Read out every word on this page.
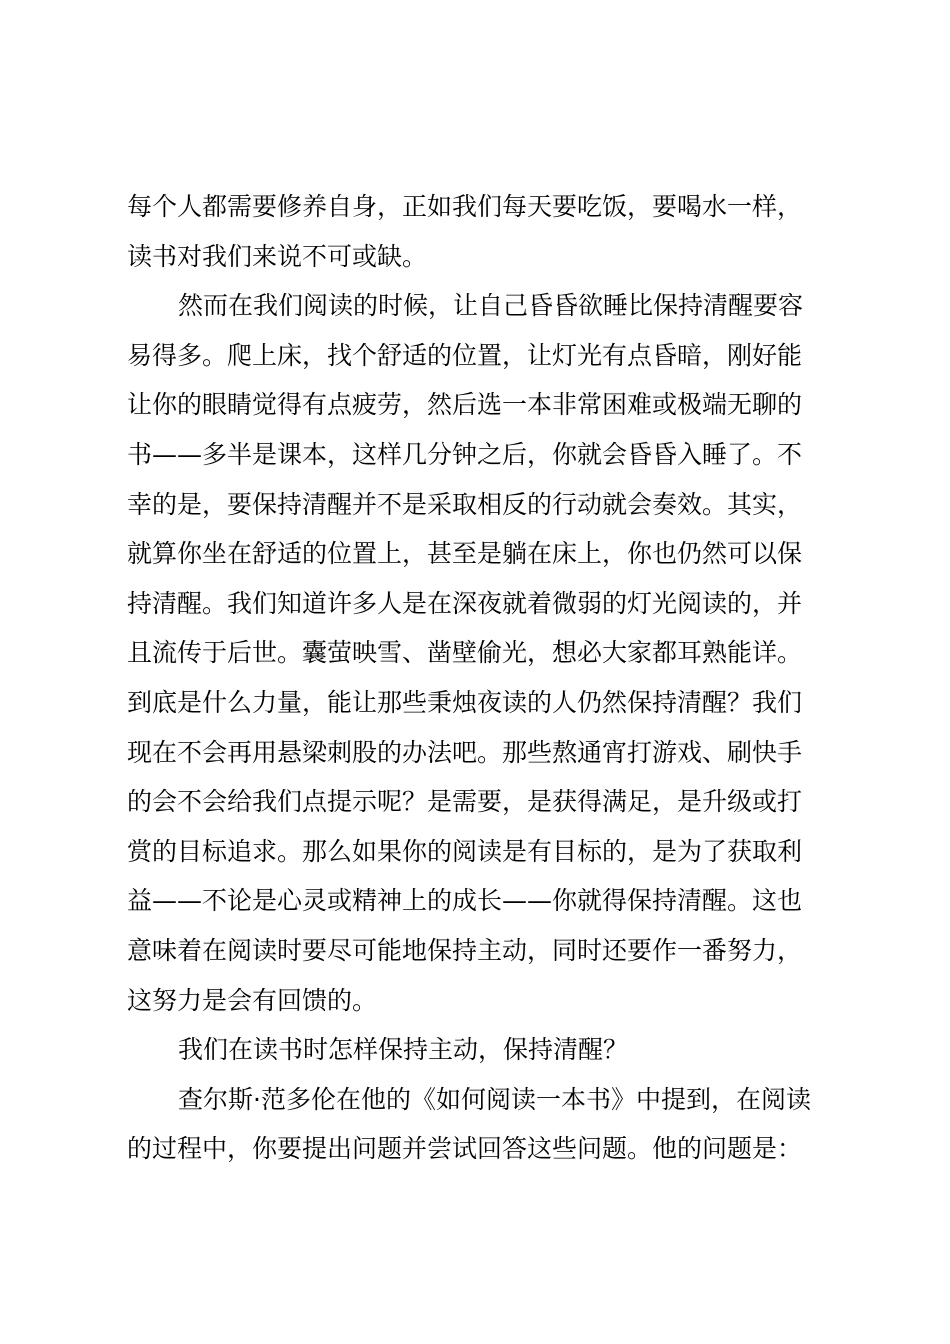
每个人都需要修养自身，正如我们每天要吃饭，要喝水一样，
读书对我们来说不可或缺。
然而在我们阅读的时候，让自己昏昏欲睡比保持清醒要容
易得多。爬上床，找个舒适的位置，让灯光有点昏暗，刚好能
让你的眼睛觉得有点疲劳，然后选一本非常困难或极端无聊的
书——多半是课本，这样几分钟之后，你就会昏昏入睡了。不
幸的是，要保持清醒并不是采取相反的行动就会奏效。其实，
就算你坐在舒适的位置上，甚至是躺在床上，你也仍然可以保
持清醒。我们知道许多人是在深夜就着微弱的灯光阅读的，并
且流传于后世。囊萤映雪、凿壁偷光，想必大家都耳熟能详。
到底是什么力量，能让那些秉烛夜读的人仍然保持清醒？我们
现在不会再用悬梁刺股的办法吧。那些熬通宵打游戏、刷快手
的会不会给我们点提示呢？是需要，是获得满足，是升级或打
赏的目标追求。那么如果你的阅读是有目标的，是为了获取利
益——不论是心灵或精神上的成长——你就得保持清醒。这也
意味着在阅读时要尽可能地保持主动，同时还要作一番努力，
这努力是会有回馈的。
我们在读书时怎样保持主动，保持清醒？
查尔斯·范多伦在他的《如何阅读一本书》中提到，在阅读
的过程中，你要提出问题并尝试回答这些问题。他的问题是：
